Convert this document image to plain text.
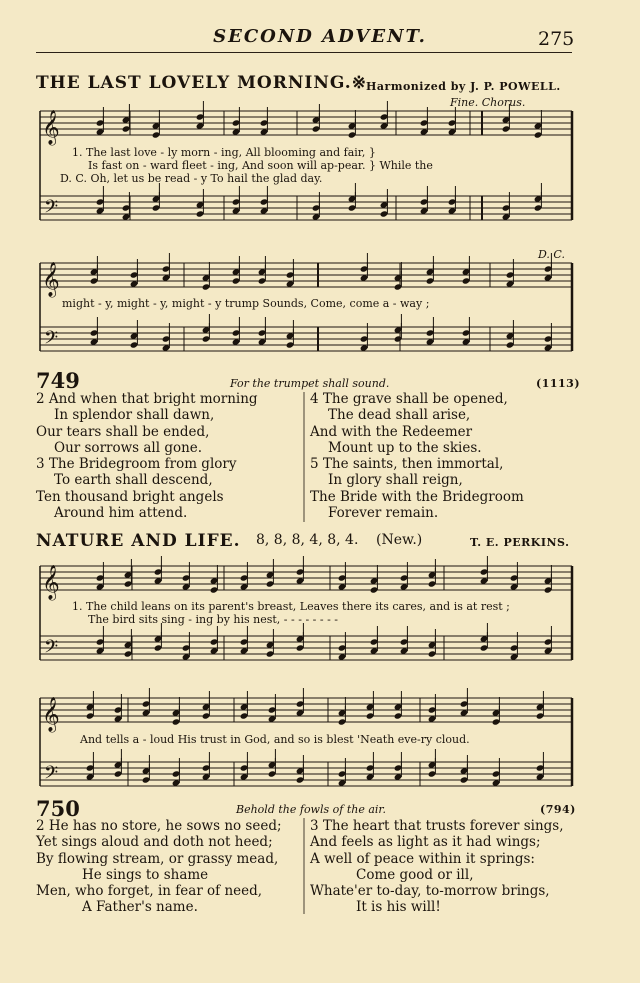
SECOND ADVENT.	275
THE LAST LOVELY MORNING.※ Harmonized by J. P. POWELL.
Fine. Chorus.
𝄞
𝄢
𝄞
𝄢
𝄞
𝄢
𝄞
𝄢
1. The last love - ly morn - ing, All blooming and fair, }
Is fast on - ward fleet - ing, And soon will ap-pear. } While the
D. C. Oh, let us be read - y To hail the glad day.
D. C.
might - y, might - y, might - y trump Sounds, Come, come a - way ;
749	For the trumpet shall sound.	(1113)
2 And when that bright morning
In splendor shall dawn,
Our tears shall be ended,
Our sorrows all gone.
3 The Bridegroom from glory
To earth shall descend,
Ten thousand bright angels
Around him attend.
4 The grave shall be opened,
The dead shall arise,
And with the Redeemer
Mount up to the skies.
5 The saints, then immortal,
In glory shall reign,
The Bride with the Bridegroom
Forever remain.
NATURE AND LIFE. 8, 8, 8, 4, 8, 4. (New.)	T. E. PERKINS.
1. The child leans on its parent's breast, Leaves there its cares, and is at rest ;
The bird sits sing - ing by his nest, - - - - - - - -
And tells a - loud His trust in God, and so is blest 'Neath eve-ry cloud.
750	Behold the fowls of the air.	(794)
2 He has no store, he sows no seed;
Yet sings aloud and doth not heed;
By flowing stream, or grassy mead,
He sings to shame
Men, who forget, in fear of need,
A Father's name.
3 The heart that trusts forever sings,
And feels as light as it had wings;
A well of peace within it springs:
Come good or ill,
Whate'er to-day, to-morrow brings,
It is his will!
